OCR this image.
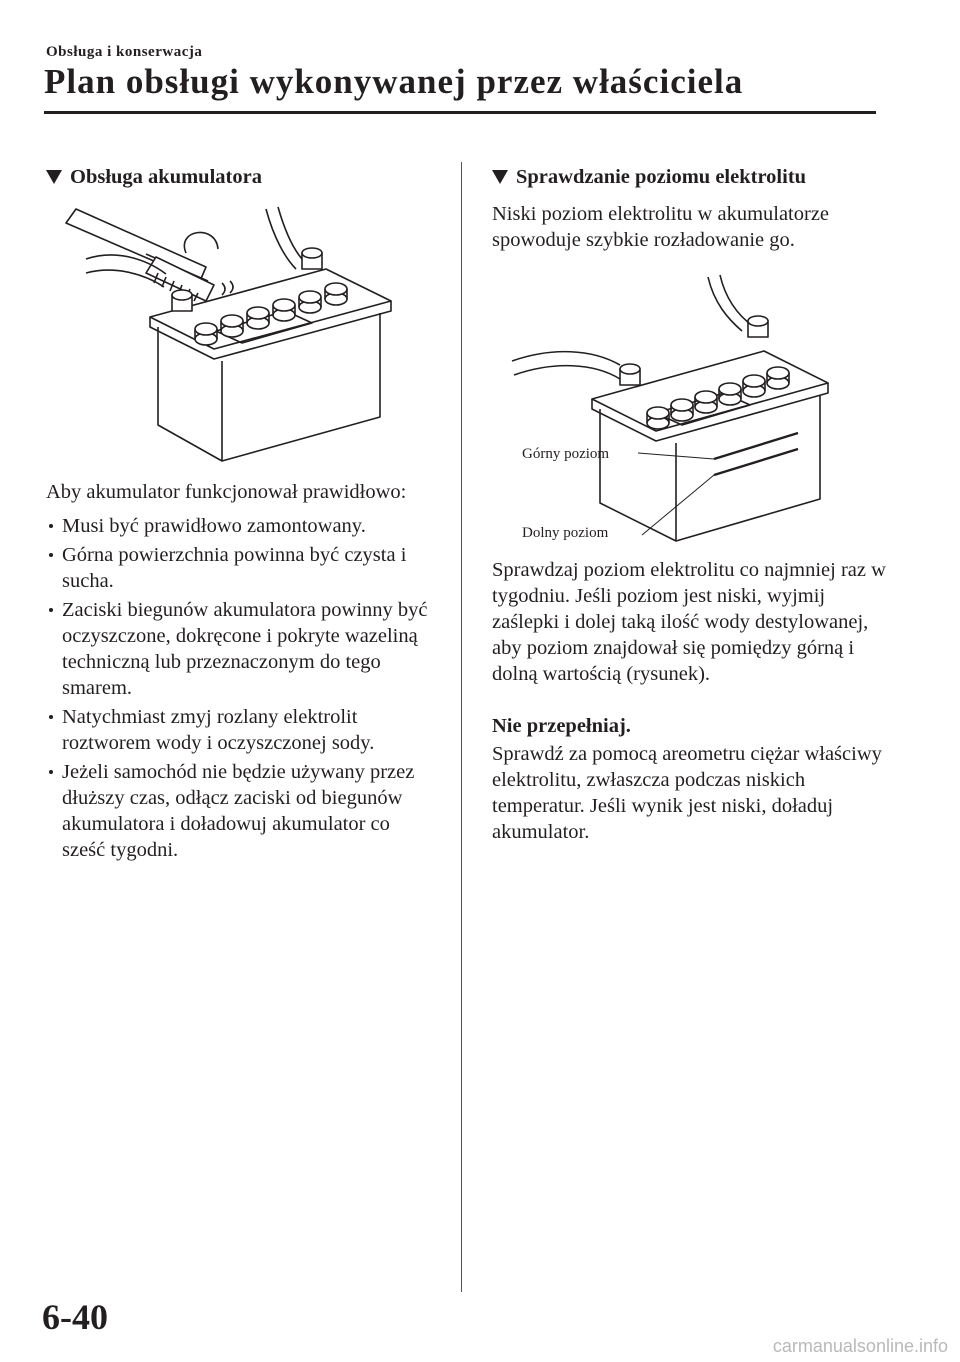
Obsługa i konserwacja
Plan obsługi wykonywanej przez właściciela
Obsługa akumulatora

Aby akumulator funkcjonował prawidłowo:

Musi być prawidłowo zamontowany.
Górna powierzchnia powinna być czysta i sucha.
Zaciski biegunów akumulatora powinny być oczyszczone, dokręcone i pokryte wazeliną techniczną lub przeznaczonym do tego smarem.
Natychmiast zmyj rozlany elektrolit roztworem wody i oczyszczonej sody.
Jeżeli samochód nie będzie używany przez dłuższy czas, odłącz zaciski od biegunów akumulatora i doładowuj akumulator co sześć tygodni.
Sprawdzanie poziomu elektrolitu

Niski poziom elektrolitu w akumulatorze spowoduje szybkie rozładowanie go.

Górny poziom
Dolny poziom

Sprawdzaj poziom elektrolitu co najmniej raz w tygodniu. Jeśli poziom jest niski, wyjmij zaślepki i dolej taką ilość wody destylowanej, aby poziom znajdował się pomiędzy górną i dolną wartością (rysunek).

Nie przepełniaj.

Sprawdź za pomocą areometru ciężar właściwy elektrolitu, zwłaszcza podczas niskich temperatur. Jeśli wynik jest niski, doładuj akumulator.

6-40
carmanualsonline.info
